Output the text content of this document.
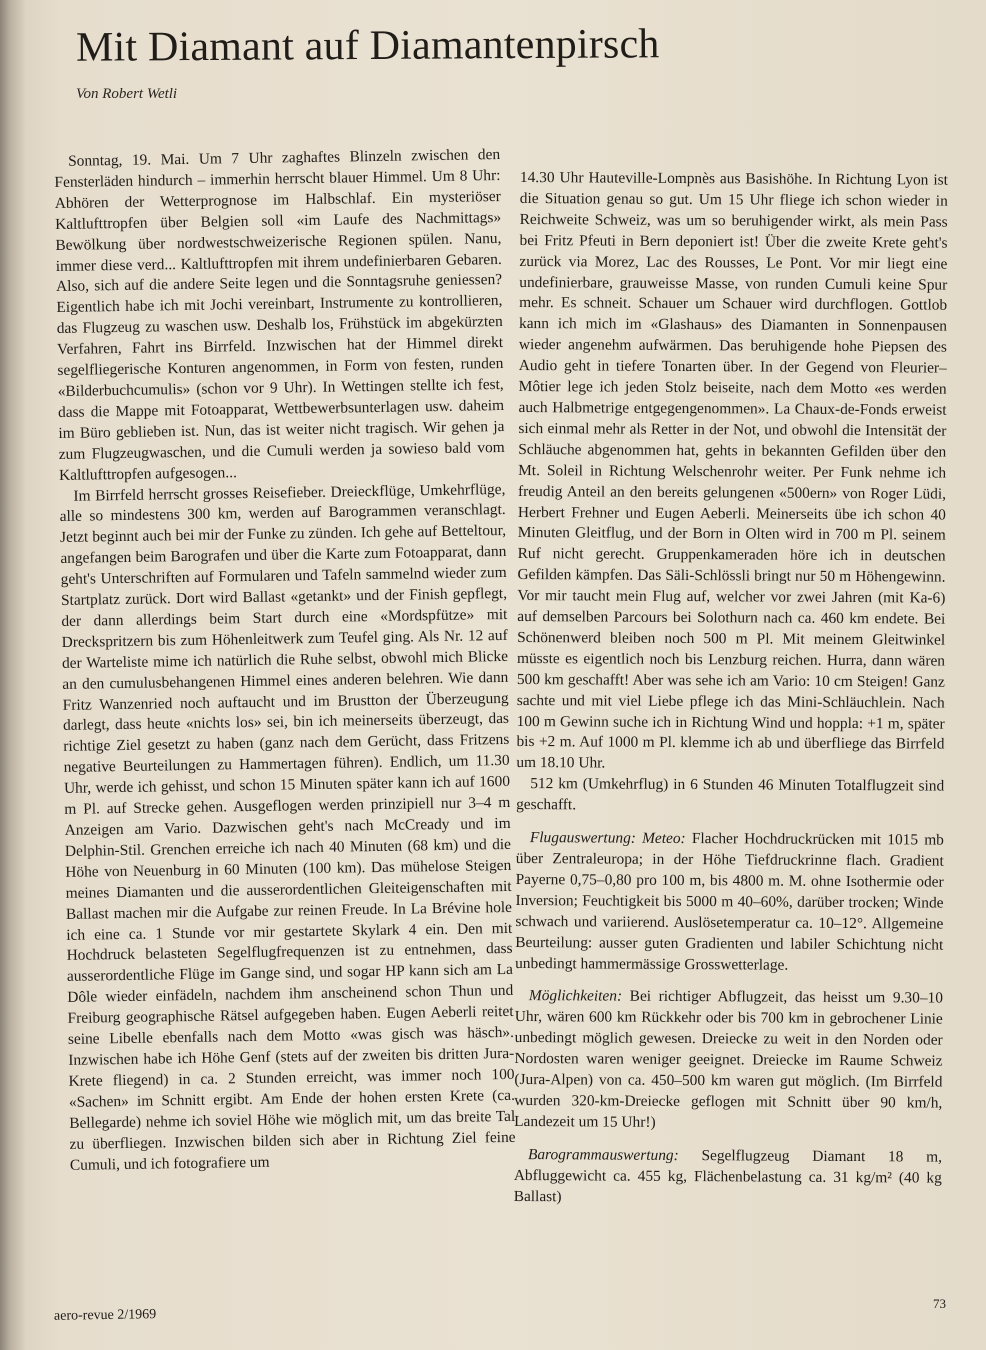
Mit Diamant auf Diamantenpirsch
Von Robert Wetli

Sonntag, 19. Mai. Um 7 Uhr zaghaftes Blinzeln zwischen den Fensterläden hindurch – immerhin herrscht blauer Himmel. Um 8 Uhr: Abhören der Wetterprognose im Halbschlaf. Ein mysteriöser Kaltlufttropfen über Belgien soll «im Laufe des Nachmittags» Bewölkung über nordwestschweizerische Regionen spülen. Nanu, immer diese verd... Kaltlufttropfen mit ihrem undefinierbaren Gebaren. Also, sich auf die andere Seite legen und die Sonntagsruhe geniessen? Eigentlich habe ich mit Jochi vereinbart, Instrumente zu kontrollieren, das Flugzeug zu waschen usw. Deshalb los, Frühstück im abgekürzten Verfahren, Fahrt ins Birrfeld. Inzwischen hat der Himmel direkt segelfliegerische Konturen angenommen, in Form von festen, runden «Bilderbuchcumulis» (schon vor 9 Uhr). In Wettingen stellte ich fest, dass die Mappe mit Fotoapparat, Wettbewerbsunterlagen usw. daheim im Büro geblieben ist. Nun, das ist weiter nicht tragisch. Wir gehen ja zum Flugzeugwaschen, und die Cumuli werden ja sowieso bald vom Kaltlufttropfen aufgesogen...

Im Birrfeld herrscht grosses Reisefieber. Dreieckflüge, Umkehrflüge, alle so mindestens 300 km, werden auf Barogrammen veranschlagt. Jetzt beginnt auch bei mir der Funke zu zünden. Ich gehe auf Betteltour, angefangen beim Barografen und über die Karte zum Fotoapparat, dann geht's Unterschriften auf Formularen und Tafeln sammelnd wieder zum Startplatz zurück. Dort wird Ballast «getankt» und der Finish gepflegt, der dann allerdings beim Start durch eine «Mordspfütze» mit Dreckspritzern bis zum Höhenleitwerk zum Teufel ging. Als Nr. 12 auf der Warteliste mime ich natürlich die Ruhe selbst, obwohl mich Blicke an den cumulusbehangenen Himmel eines anderen belehren. Wie dann Fritz Wanzenried noch auftaucht und im Brustton der Überzeugung darlegt, dass heute «nichts los» sei, bin ich meinerseits überzeugt, das richtige Ziel gesetzt zu haben (ganz nach dem Gerücht, dass Fritzens negative Beurteilungen zu Hammertagen führen). Endlich, um 11.30 Uhr, werde ich gehisst, und schon 15 Minuten später kann ich auf 1600 m Pl. auf Strecke gehen. Ausgeflogen werden prinzipiell nur 3–4 m Anzeigen am Vario. Dazwischen geht's nach McCready und im Delphin-Stil. Grenchen erreiche ich nach 40 Minuten (68 km) und die Höhe von Neuenburg in 60 Minuten (100 km). Das mühelose Steigen meines Diamanten und die ausserordentlichen Gleiteigenschaften mit Ballast machen mir die Aufgabe zur reinen Freude. In La Brévine hole ich eine ca. 1 Stunde vor mir gestartete Skylark 4 ein. Den mit Hochdruck belasteten Segelflugfrequenzen ist zu entnehmen, dass ausserordentliche Flüge im Gange sind, und sogar HP kann sich am La Dôle wieder einfädeln, nachdem ihm anscheinend schon Thun und Freiburg geographische Rätsel aufgegeben haben. Eugen Aeberli reitet seine Libelle ebenfalls nach dem Motto «was gisch was häsch». Inzwischen habe ich Höhe Genf (stets auf der zweiten bis dritten Jura-Krete fliegend) in ca. 2 Stunden erreicht, was immer noch 100 «Sachen» im Schnitt ergibt. Am Ende der hohen ersten Krete (ca. Bellegarde) nehme ich soviel Höhe wie möglich mit, um das breite Tal zu überfliegen. Inzwischen bilden sich aber in Richtung Ziel feine Cumuli, und ich fotografiere um

14.30 Uhr Hauteville-Lompnès aus Basishöhe. In Richtung Lyon ist die Situation genau so gut. Um 15 Uhr fliege ich schon wieder in Reichweite Schweiz, was um so beruhigender wirkt, als mein Pass bei Fritz Pfeuti in Bern deponiert ist! Über die zweite Krete geht's zurück via Morez, Lac des Rousses, Le Pont. Vor mir liegt eine undefinierbare, grauweisse Masse, von runden Cumuli keine Spur mehr. Es schneit. Schauer um Schauer wird durchflogen. Gottlob kann ich mich im «Glashaus» des Diamanten in Sonnenpausen wieder angenehm aufwärmen. Das beruhigende hohe Piepsen des Audio geht in tiefere Tonarten über. In der Gegend von Fleurier–Môtier lege ich jeden Stolz beiseite, nach dem Motto «es werden auch Halbmetrige entgegengenommen». La Chaux-de-Fonds erweist sich einmal mehr als Retter in der Not, und obwohl die Intensität der Schläuche abgenommen hat, gehts in bekannten Gefilden über den Mt. Soleil in Richtung Welschenrohr weiter. Per Funk nehme ich freudig Anteil an den bereits gelungenen «500ern» von Roger Lüdi, Herbert Frehner und Eugen Aeberli. Meinerseits übe ich schon 40 Minuten Gleitflug, und der Born in Olten wird in 700 m Pl. seinem Ruf nicht gerecht. Gruppenkameraden höre ich in deutschen Gefilden kämpfen. Das Säli-Schlössli bringt nur 50 m Höhengewinn. Vor mir taucht mein Flug auf, welcher vor zwei Jahren (mit Ka-6) auf demselben Parcours bei Solothurn nach ca. 460 km endete. Bei Schönenwerd bleiben noch 500 m Pl. Mit meinem Gleitwinkel müsste es eigentlich noch bis Lenzburg reichen. Hurra, dann wären 500 km geschafft! Aber was sehe ich am Vario: 10 cm Steigen! Ganz sachte und mit viel Liebe pflege ich das Mini-Schläuchlein. Nach 100 m Gewinn suche ich in Richtung Wind und hoppla: +1 m, später bis +2 m. Auf 1000 m Pl. klemme ich ab und überfliege das Birrfeld um 18.10 Uhr.

512 km (Umkehrflug) in 6 Stunden 46 Minuten Totalflugzeit sind geschafft.

Flugauswertung: Meteo: Flacher Hochdruckrücken mit 1015 mb über Zentraleuropa; in der Höhe Tiefdruckrinne flach. Gradient Payerne 0,75–0,80 pro 100 m, bis 4800 m. M. ohne Isothermie oder Inversion; Feuchtigkeit bis 5000 m 40–60%, darüber trocken; Winde schwach und variierend. Auslösetemperatur ca. 10–12°. Allgemeine Beurteilung: ausser guten Gradienten und labiler Schichtung nicht unbedingt hammermässige Grosswetterlage.

Möglichkeiten: Bei richtiger Abflugzeit, das heisst um 9.30–10 Uhr, wären 600 km Rückkehr oder bis 700 km in gebrochener Linie unbedingt möglich gewesen. Dreiecke zu weit in den Norden oder Nordosten waren weniger geeignet. Dreiecke im Raume Schweiz (Jura-Alpen) von ca. 450–500 km waren gut möglich. (Im Birrfeld wurden 320-km-Dreiecke geflogen mit Schnitt über 90 km/h, Landezeit um 15 Uhr!)

Barogrammauswertung: Segelflugzeug Diamant 18 m, Abfluggewicht ca. 455 kg, Flächenbelastung ca. 31 kg/m² (40 kg Ballast)

aero-revue 2/1969
73
